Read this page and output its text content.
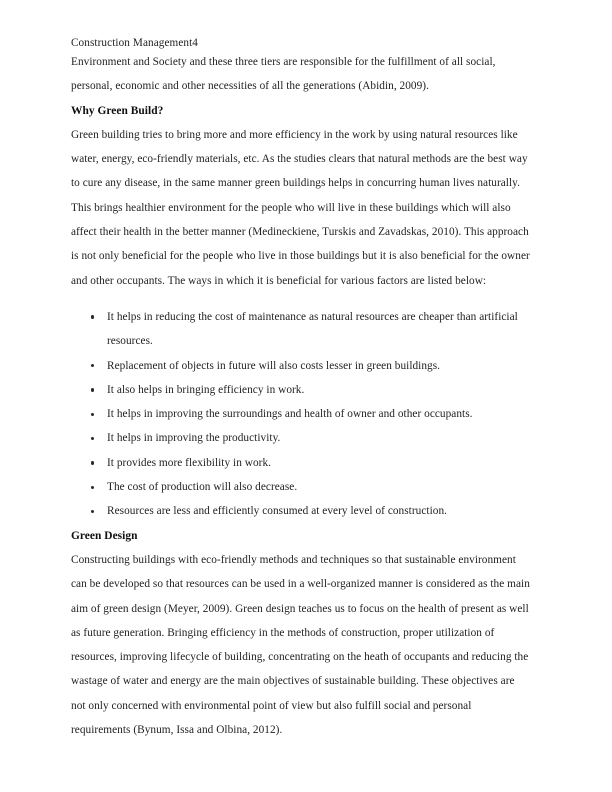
Construction Management4

Environment and Society and these three tiers are responsible for the fulfillment of all social, personal, economic and other necessities of all the generations (Abidin, 2009).

Why Green Build?

Green building tries to bring more and more efficiency in the work by using natural resources like water, energy, eco-friendly materials, etc. As the studies clears that natural methods are the best way to cure any disease, in the same manner green buildings helps in concurring human lives naturally. This brings healthier environment for the people who will live in these buildings which will also affect their health in the better manner (Medineckiene, Turskis and Zavadskas, 2010). This approach is not only beneficial for the people who live in those buildings but it is also beneficial for the owner and other occupants. The ways in which it is beneficial for various factors are listed below:

It helps in reducing the cost of maintenance as natural resources are cheaper than artificial resources.
Replacement of objects in future will also costs lesser in green buildings.
It also helps in bringing efficiency in work.
It helps in improving the surroundings and health of owner and other occupants.
It helps in improving the productivity.
It provides more flexibility in work.
The cost of production will also decrease.
Resources are less and efficiently consumed at every level of construction.
Green Design

Constructing buildings with eco-friendly methods and techniques so that sustainable environment can be developed so that resources can be used in a well-organized manner is considered as the main aim of green design (Meyer, 2009). Green design teaches us to focus on the health of present as well as future generation. Bringing efficiency in the methods of construction, proper utilization of resources, improving lifecycle of building, concentrating on the heath of occupants and reducing the wastage of water and energy are the main objectives of sustainable building. These objectives are not only concerned with environmental point of view but also fulfill social and personal requirements (Bynum, Issa and Olbina, 2012).
